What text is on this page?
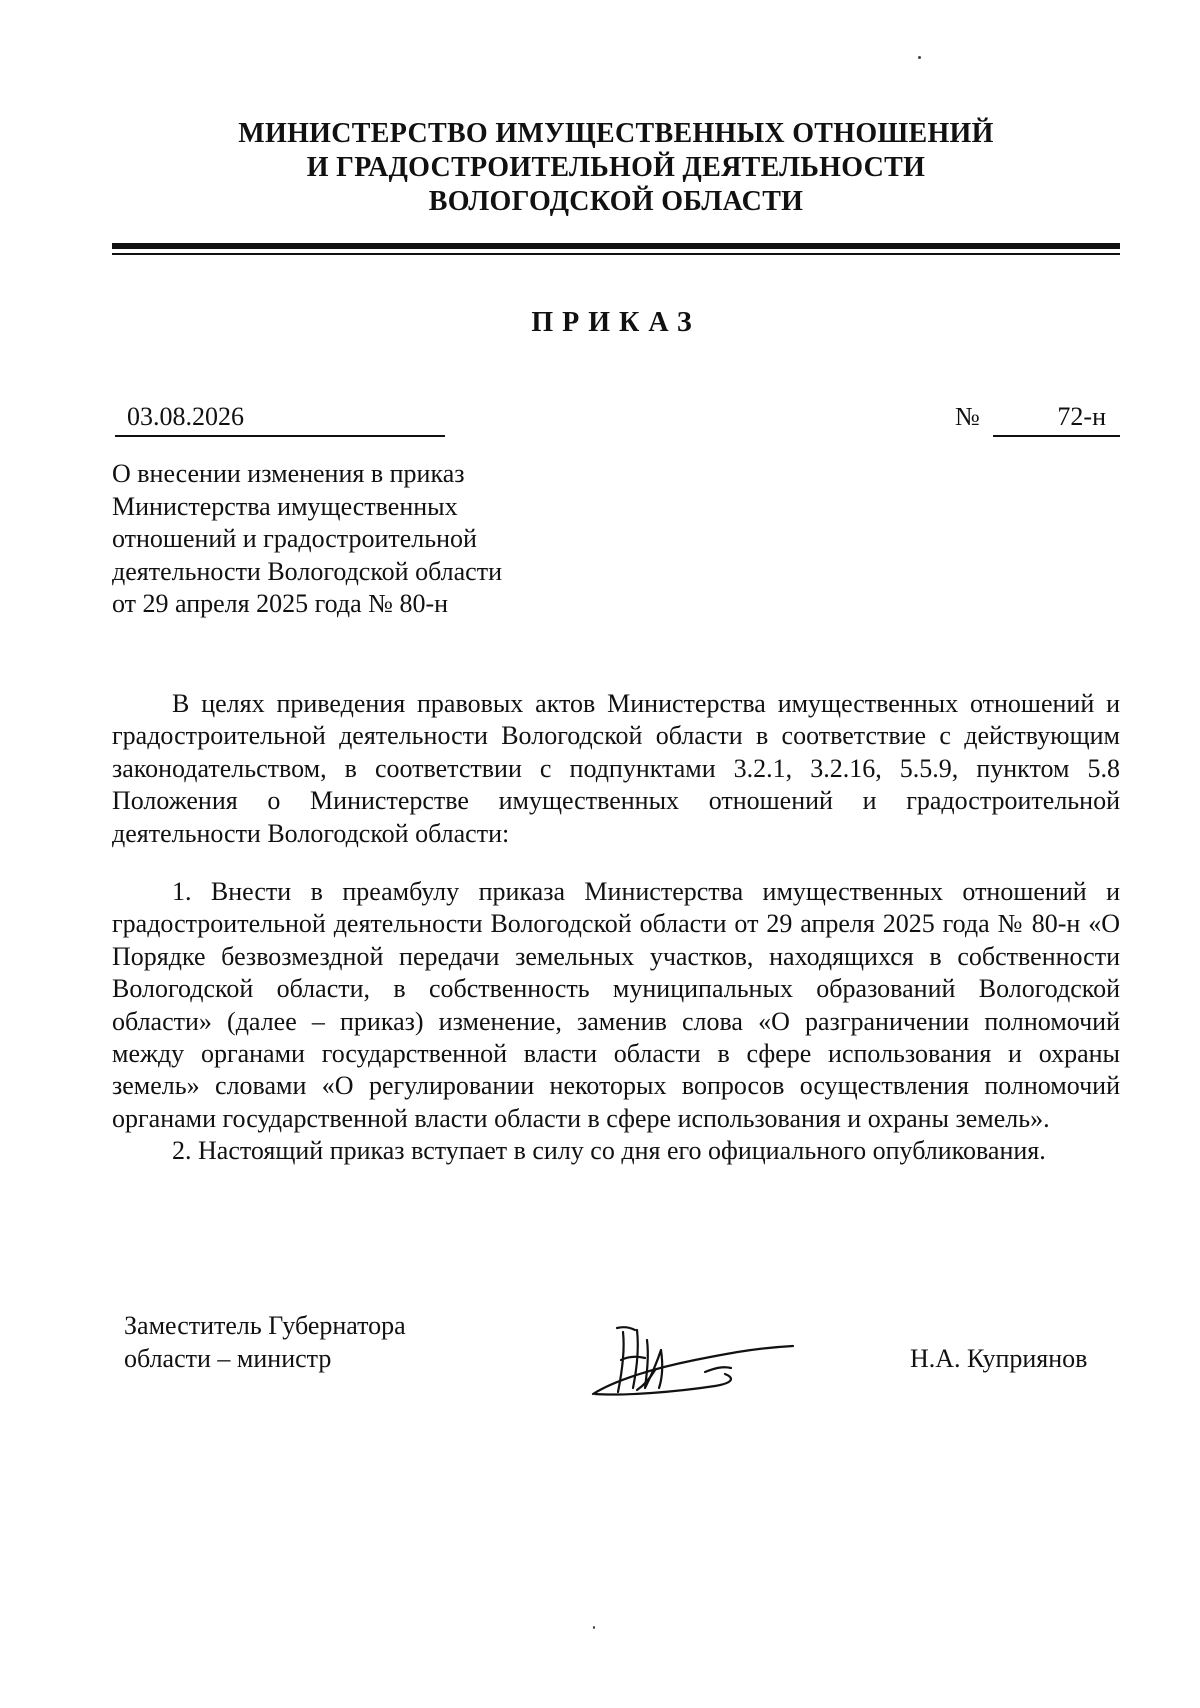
МИНИСТЕРСТВО ИМУЩЕСТВЕННЫХ ОТНОШЕНИЙ
И ГРАДОСТРОИТЕЛЬНОЙ ДЕЯТЕЛЬНОСТИ
ВОЛОГОДСКОЙ ОБЛАСТИ
ПРИКАЗ
03.08.2026	№	72-н
О внесении изменения в приказ
Министерства имущественных
отношений и градостроительной
деятельности Вологодской области
от 29 апреля 2025 года № 80-н

В целях приведения правовых актов Министерства имущественных отношений и градостроительной деятельности Вологодской области в соответствие с действующим законодательством, в соответствии с подпунктами 3.2.1, 3.2.16, 5.5.9, пунктом 5.8 Положения о Министерстве имущественных отношений и градостроительной деятельности Вологодской области:

1. Внести в преамбулу приказа Министерства имущественных отношений и градостроительной деятельности Вологодской области от 29 апреля 2025 года № 80-н «О Порядке безвозмездной передачи земельных участков, находящихся в собственности Вологодской области, в собственность муниципальных образований Вологодской области» (далее – приказ) изменение, заменив слова «О разграничении полномочий между органами государственной власти области в сфере использования и охраны земель» словами «О регулировании некоторых вопросов осуществления полномочий органами государственной власти области в сфере использования и охраны земель».

2. Настоящий приказ вступает в силу со дня его официального опубликования.

Заместитель Губернатора
области – министр	Н.А. Куприянов
